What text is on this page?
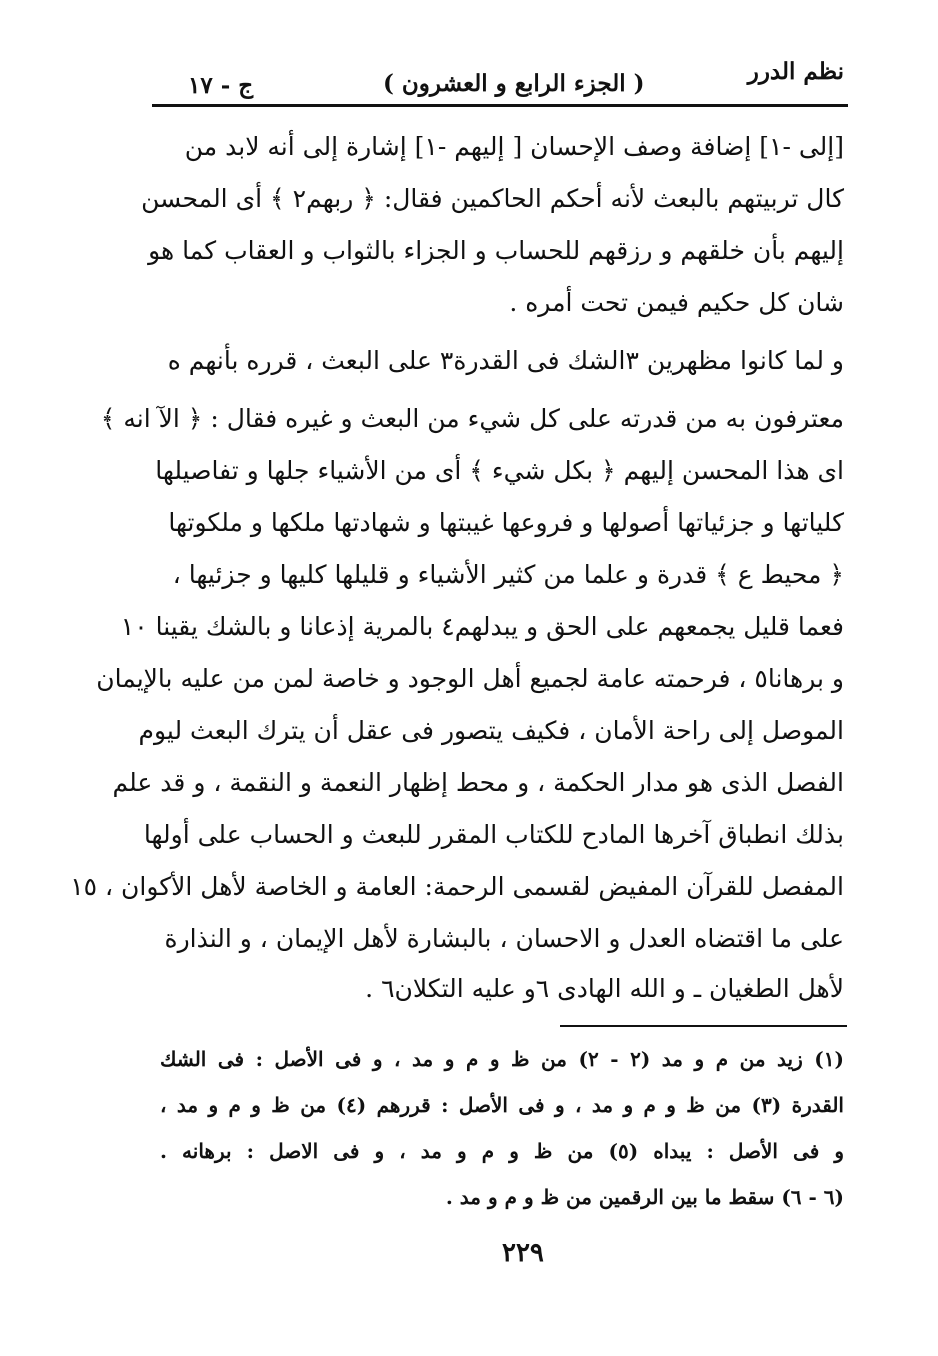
نظم الدرر
( الجزء الرابع و العشرون )
ج - ١٧
[إلى -١] إضافة وصف الإحسان [ إليهم -١] إشارة إلى أنه لابد من
كال تربيتهم بالبعث لأنه أحكم الحاكمين فقال: ﴿ ربهم٢ ﴾ أى المحسن
إليهم بأن خلقهم و رزقهم للحساب و الجزاء بالثواب و العقاب كما هو
شان كل حكيم فيمن تحت أمره .
و لما كانوا مظهرين ٣الشك فى القدرة٣ على البعث ، قرره بأنهم ه
معترفون به من قدرته على كل شيء من البعث و غيره فقال : ﴿ الآ انه ﴾
اى هذا المحسن إليهم ﴿ بكل شيء ﴾ أى من الأشياء جلها و تفاصيلها
كلياتها و جزئياتها أصولها و فروعها غيبتها و شهادتها ملكها و ملكوتها
﴿ محيط ع ﴾ قدرة و علما من كثير الأشياء و قليلها كليها و جزئيها ،
فعما قليل يجمعهم على الحق و يبدلهم٤ بالمرية إذعانا و بالشك يقينا ١٠
و برهانا٥ ، فرحمته عامة لجميع أهل الوجود و خاصة لمن من عليه بالإيمان
الموصل إلى راحة الأمان ، فكيف يتصور فى عقل أن يترك البعث ليوم
الفصل الذى هو مدار الحكمة ، و محط إظهار النعمة و النقمة ، و قد علم
بذلك انطباق آخرها المادح للكتاب المقرر للبعث و الحساب على أولها
المفصل للقرآن المفيض لقسمى الرحمة: العامة و الخاصة لأهل الأكوان ، ١٥
على ما اقتضاه العدل و الاحسان ، بالبشارة لأهل الإيمان ، و النذارة
لأهل الطغيان ـ و الله الهادى ٦و عليه التكلان٦ .
(١) زيد من م و مد (٢ - ٢) من ظ و م و مد ، و فى الأصل : فى الشك
القدرة (٣) من ظ و م و مد ، و فى الأصل : قررهم (٤) من ظ و م و مد ،
و فى الأصل : يبداه (٥) من ظ و م و مد ، و فى الاصل : برهانه .
(٦ - ٦) سقط ما بين الرقمين من ظ و م و مد .
٢٢٩
